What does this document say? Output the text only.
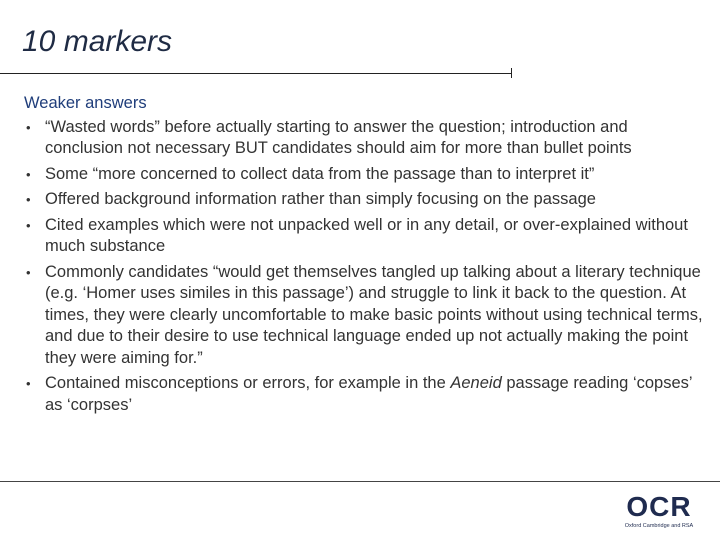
10 markers
Weaker answers
• “Wasted words” before actually starting to answer the question; introduction and conclusion not necessary BUT candidates should aim for more than bullet points
• Some “more concerned to collect data from the passage than to interpret it”
• Offered background information rather than simply focusing on the passage
• Cited examples which were not unpacked well or in any detail, or over-explained without much substance
• Commonly candidates “would get themselves tangled up talking about a literary technique (e.g. ‘Homer uses similes in this passage’) and struggle to link it back to the question. At times, they were clearly uncomfortable to make basic points without using technical terms, and due to their desire to use technical language ended up not actually making the point they were aiming for.”
• Contained misconceptions or errors, for example in the Aeneid passage reading ‘copses’ as ‘corpses’
OCR
Oxford Cambridge and RSA
